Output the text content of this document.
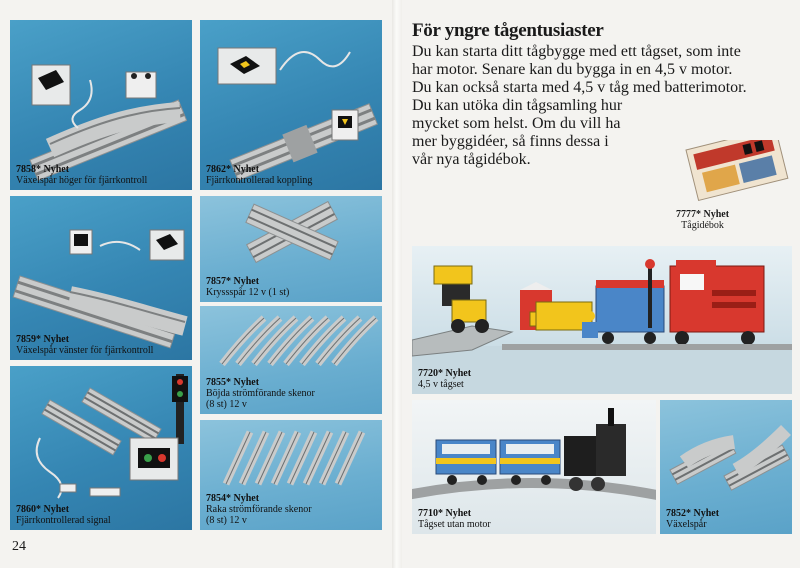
7858* Nyhet
Växelspår höger för fjärrkontroll
7862* Nyhet
Fjärrkontrollerad koppling
7859* Nyhet
Växelspår vänster för fjärrkontroll
7857* Nyhet
Kryssspår 12 v (1 st)
7855* Nyhet
Böjda strömförande skenor
(8 st) 12 v
7860* Nyhet
Fjärrkontrollerad signal
7854* Nyhet
Raka strömförande skenor
(8 st) 12 v
24
För yngre tågentusiaster
Du kan starta ditt tågbygge med ett tågset, som inte
har motor. Senare kan du bygga in en 4,5 v motor.
Du kan också starta med 4,5 v tåg med batterimotor.
Du kan utöka din tågsamling hur
mycket som helst. Om du vill ha
mer byggidéer, så finns dessa i
vår nya tågidébok.
7777* Nyhet
Tågidébok
7720* Nyhet
4,5 v tågset
7710* Nyhet
Tågset utan motor
7852* Nyhet
Växelspår
